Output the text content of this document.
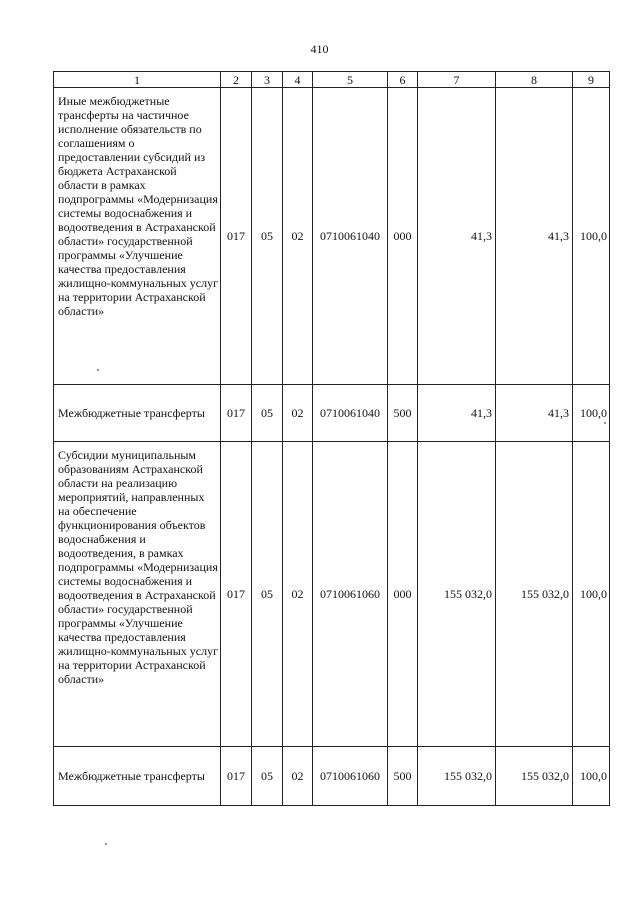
410
1	2	3	4	5	6	7	8	9
Иные межбюджетные трансферты на частичное исполнение обязательств по соглашениям о предоставлении субсидий из бюджета Астраханской области в рамках подпрограммы «Модернизация системы водоснабжения и водоотведения в Астраханской области» государственной программы «Улучшение качества предоставления жилищно-коммунальных услуг на территории Астраханской области»	017	05	02	0710061040	000	41,3	41,3	100,0
Межбюджетные трансферты	017	05	02	0710061040	500	41,3	41,3	100,0
Субсидии муниципальным образованиям Астраханской области на реализацию мероприятий, направленных на обеспечение функционирования объектов водоснабжения и водоотведения, в рамках подпрограммы «Модернизация системы водоснабжения и водоотведения в Астраханской области» государственной программы «Улучшение качества предоставления жилищно-коммунальных услуг на территории Астраханской области»	017	05	02	0710061060	000	155 032,0	155 032,0	100,0
Межбюджетные трансферты	017	05	02	0710061060	500	155 032,0	155 032,0	100,0
